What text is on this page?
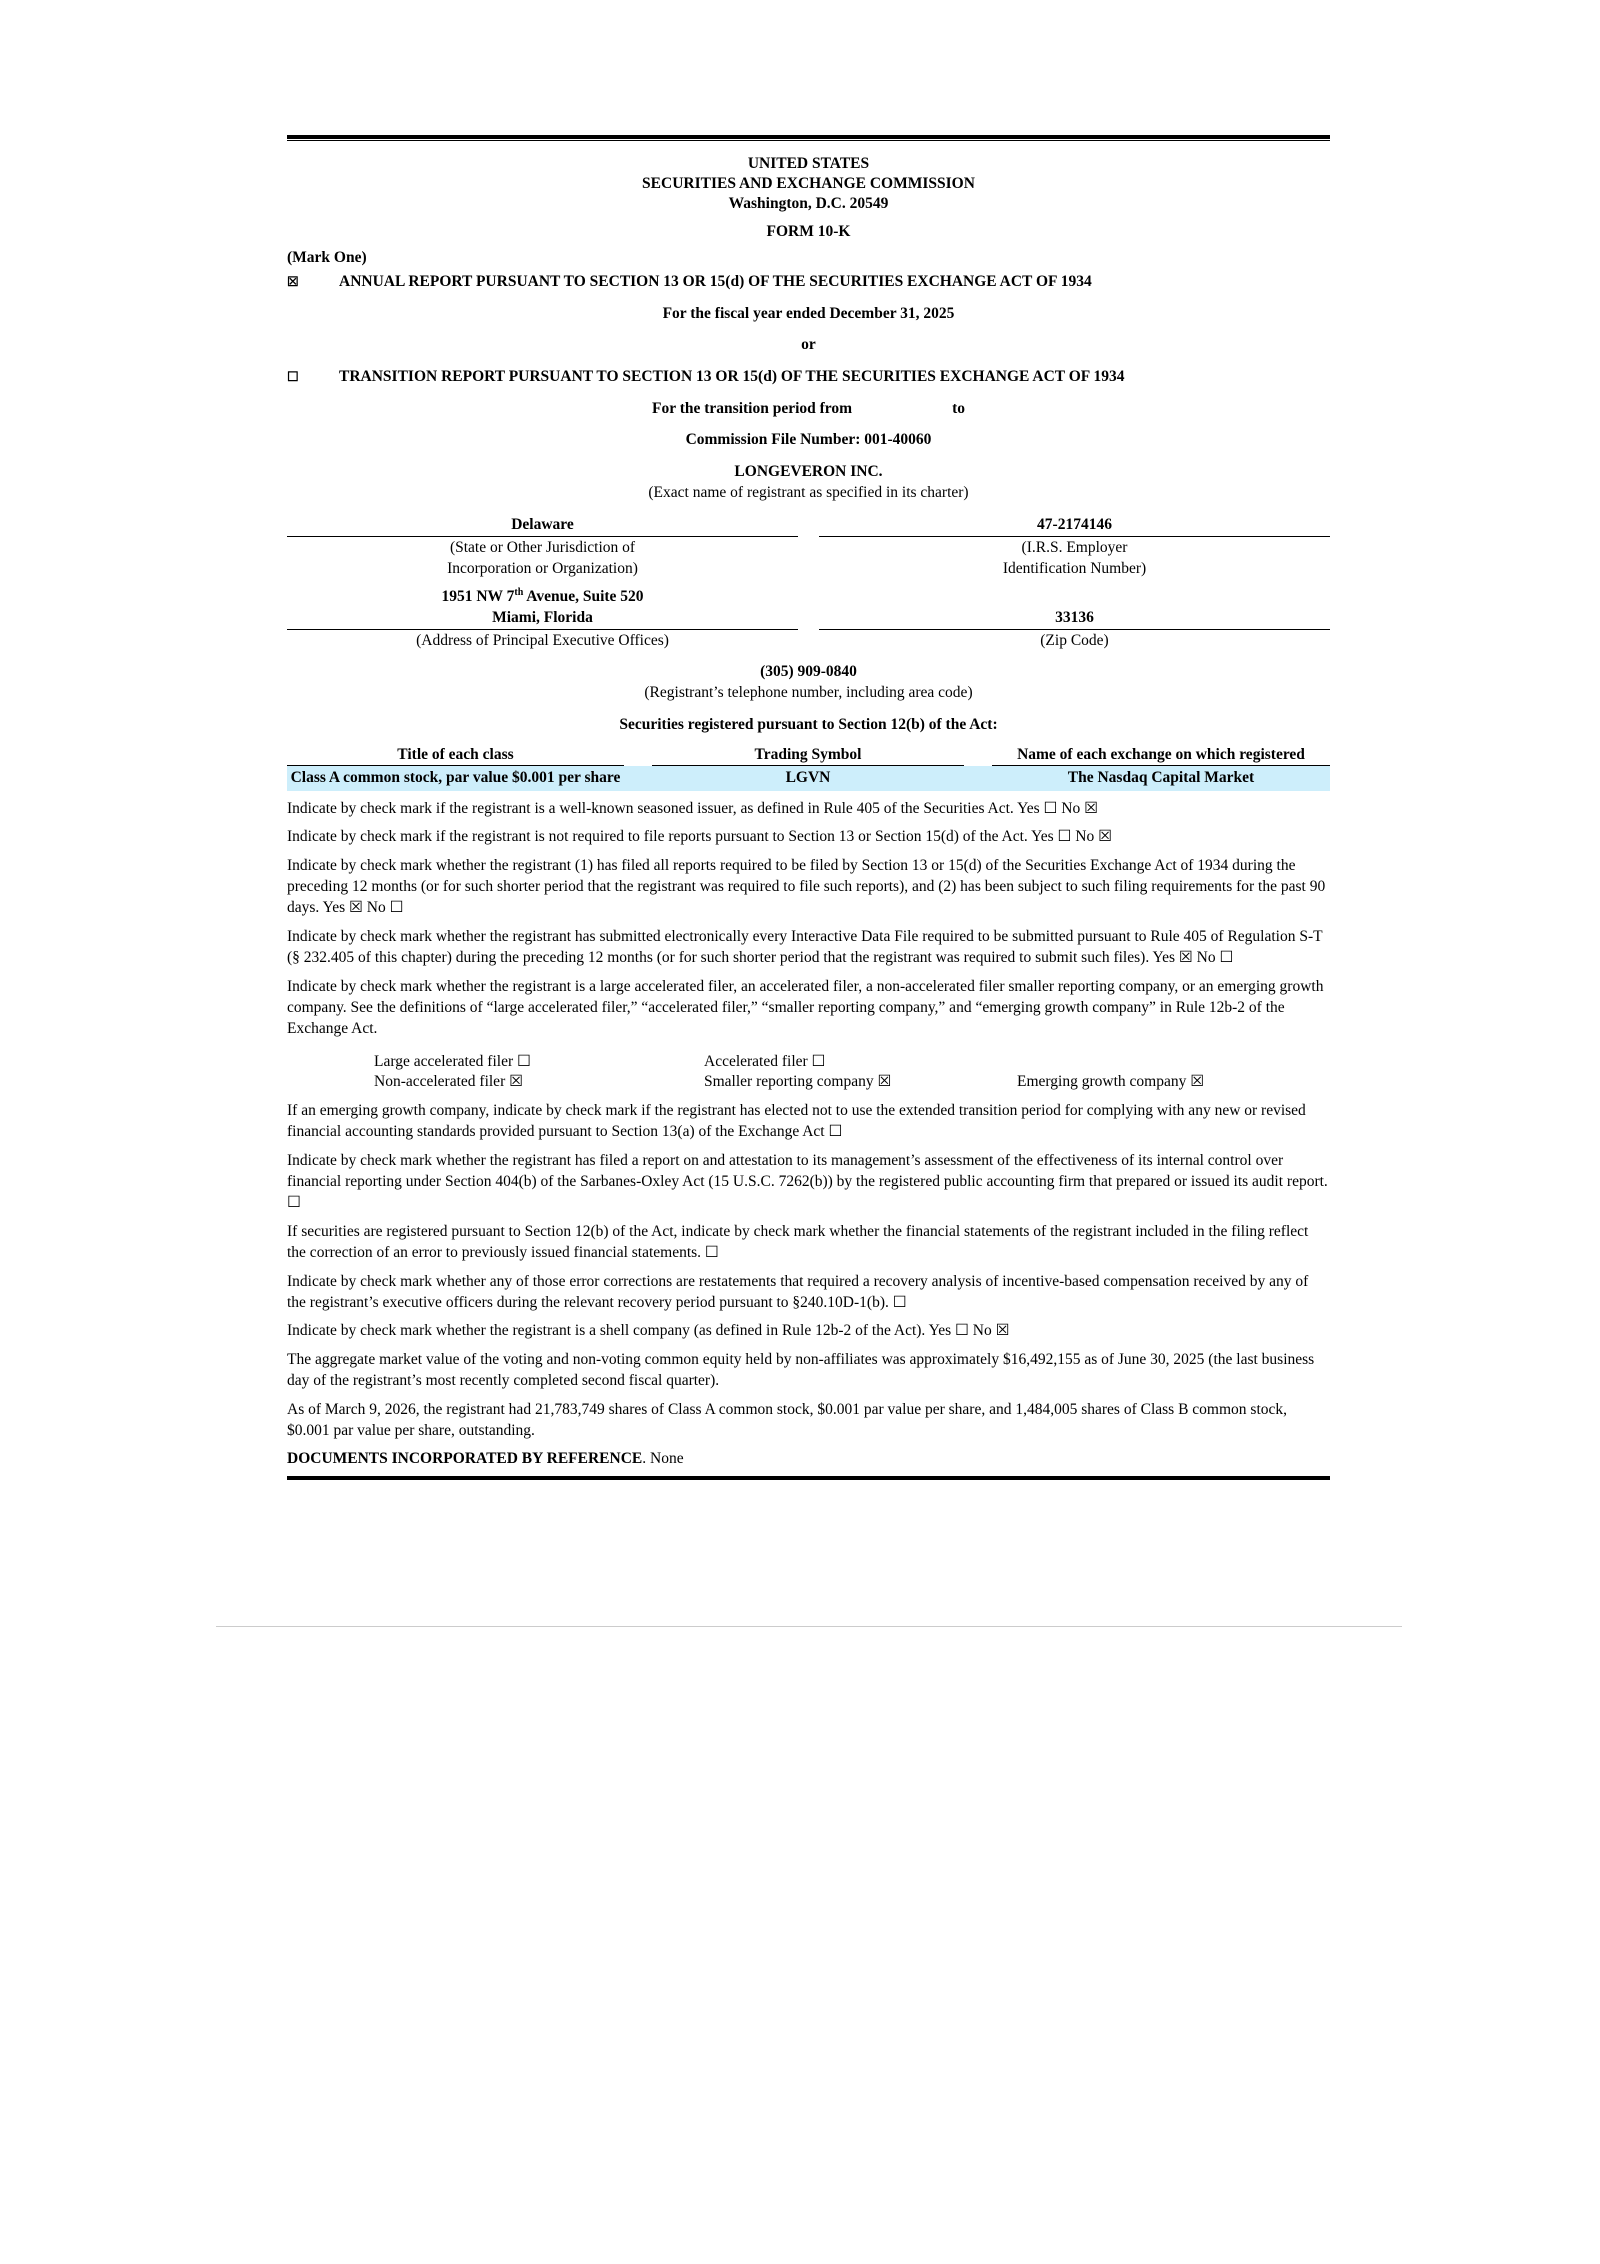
UNITED STATES
SECURITIES AND EXCHANGE COMMISSION
Washington, D.C. 20549
FORM 10-K
(Mark One)
☒	ANNUAL REPORT PURSUANT TO SECTION 13 OR 15(d) OF THE SECURITIES EXCHANGE ACT OF 1934
For the fiscal year ended December 31, 2025
or
☐	TRANSITION REPORT PURSUANT TO SECTION 13 OR 15(d) OF THE SECURITIES EXCHANGE ACT OF 1934
For the transition period from	to
Commission File Number: 001-40060
LONGEVERON INC.
(Exact name of registrant as specified in its charter)
Delaware
(State or Other Jurisdiction of
Incorporation or Organization)
47-2174146
(I.R.S. Employer
Identification Number)
1951 NW 7th Avenue, Suite 520
Miami, Florida
(Address of Principal Executive Offices)
33136
(Zip Code)
(305) 909-0840
(Registrant’s telephone number, including area code)
Securities registered pursuant to Section 12(b) of the Act:
Title of each class		Trading Symbol		Name of each exchange on which registered
Class A common stock, par value $0.001 per share		LGVN		The Nasdaq Capital Market
Indicate by check mark if the registrant is a well-known seasoned issuer, as defined in Rule 405 of the Securities Act. Yes ☐ No ☒
Indicate by check mark if the registrant is not required to file reports pursuant to Section 13 or Section 15(d) of the Act. Yes ☐ No ☒
Indicate by check mark whether the registrant (1) has filed all reports required to be filed by Section 13 or 15(d) of the Securities Exchange Act of 1934 during the preceding 12 months (or for such shorter period that the registrant was required to file such reports), and (2) has been subject to such filing requirements for the past 90 days. Yes ☒ No ☐
Indicate by check mark whether the registrant has submitted electronically every Interactive Data File required to be submitted pursuant to Rule 405 of Regulation S-T (§ 232.405 of this chapter) during the preceding 12 months (or for such shorter period that the registrant was required to submit such files). Yes ☒ No ☐
Indicate by check mark whether the registrant is a large accelerated filer, an accelerated filer, a non-accelerated filer smaller reporting company, or an emerging growth company. See the definitions of “large accelerated filer,” “accelerated filer,” “smaller reporting company,” and “emerging growth company” in Rule 12b-2 of the Exchange Act.
Large accelerated filer ☐	Accelerated filer ☐
Non-accelerated filer ☒	Smaller reporting company ☒	Emerging growth company ☒
If an emerging growth company, indicate by check mark if the registrant has elected not to use the extended transition period for complying with any new or revised financial accounting standards provided pursuant to Section 13(a) of the Exchange Act ☐
Indicate by check mark whether the registrant has filed a report on and attestation to its management’s assessment of the effectiveness of its internal control over financial reporting under Section 404(b) of the Sarbanes-Oxley Act (15 U.S.C. 7262(b)) by the registered public accounting firm that prepared or issued its audit report. ☐
If securities are registered pursuant to Section 12(b) of the Act, indicate by check mark whether the financial statements of the registrant included in the filing reflect the correction of an error to previously issued financial statements. ☐
Indicate by check mark whether any of those error corrections are restatements that required a recovery analysis of incentive-based compensation received by any of the registrant’s executive officers during the relevant recovery period pursuant to §240.10D-1(b). ☐
Indicate by check mark whether the registrant is a shell company (as defined in Rule 12b-2 of the Act). Yes ☐ No ☒
The aggregate market value of the voting and non-voting common equity held by non-affiliates was approximately $16,492,155 as of June 30, 2025 (the last business day of the registrant’s most recently completed second fiscal quarter).
As of March 9, 2026, the registrant had 21,783,749 shares of Class A common stock, $0.001 par value per share, and 1,484,005 shares of Class B common stock, $0.001 par value per share, outstanding.
DOCUMENTS INCORPORATED BY REFERENCE. None
